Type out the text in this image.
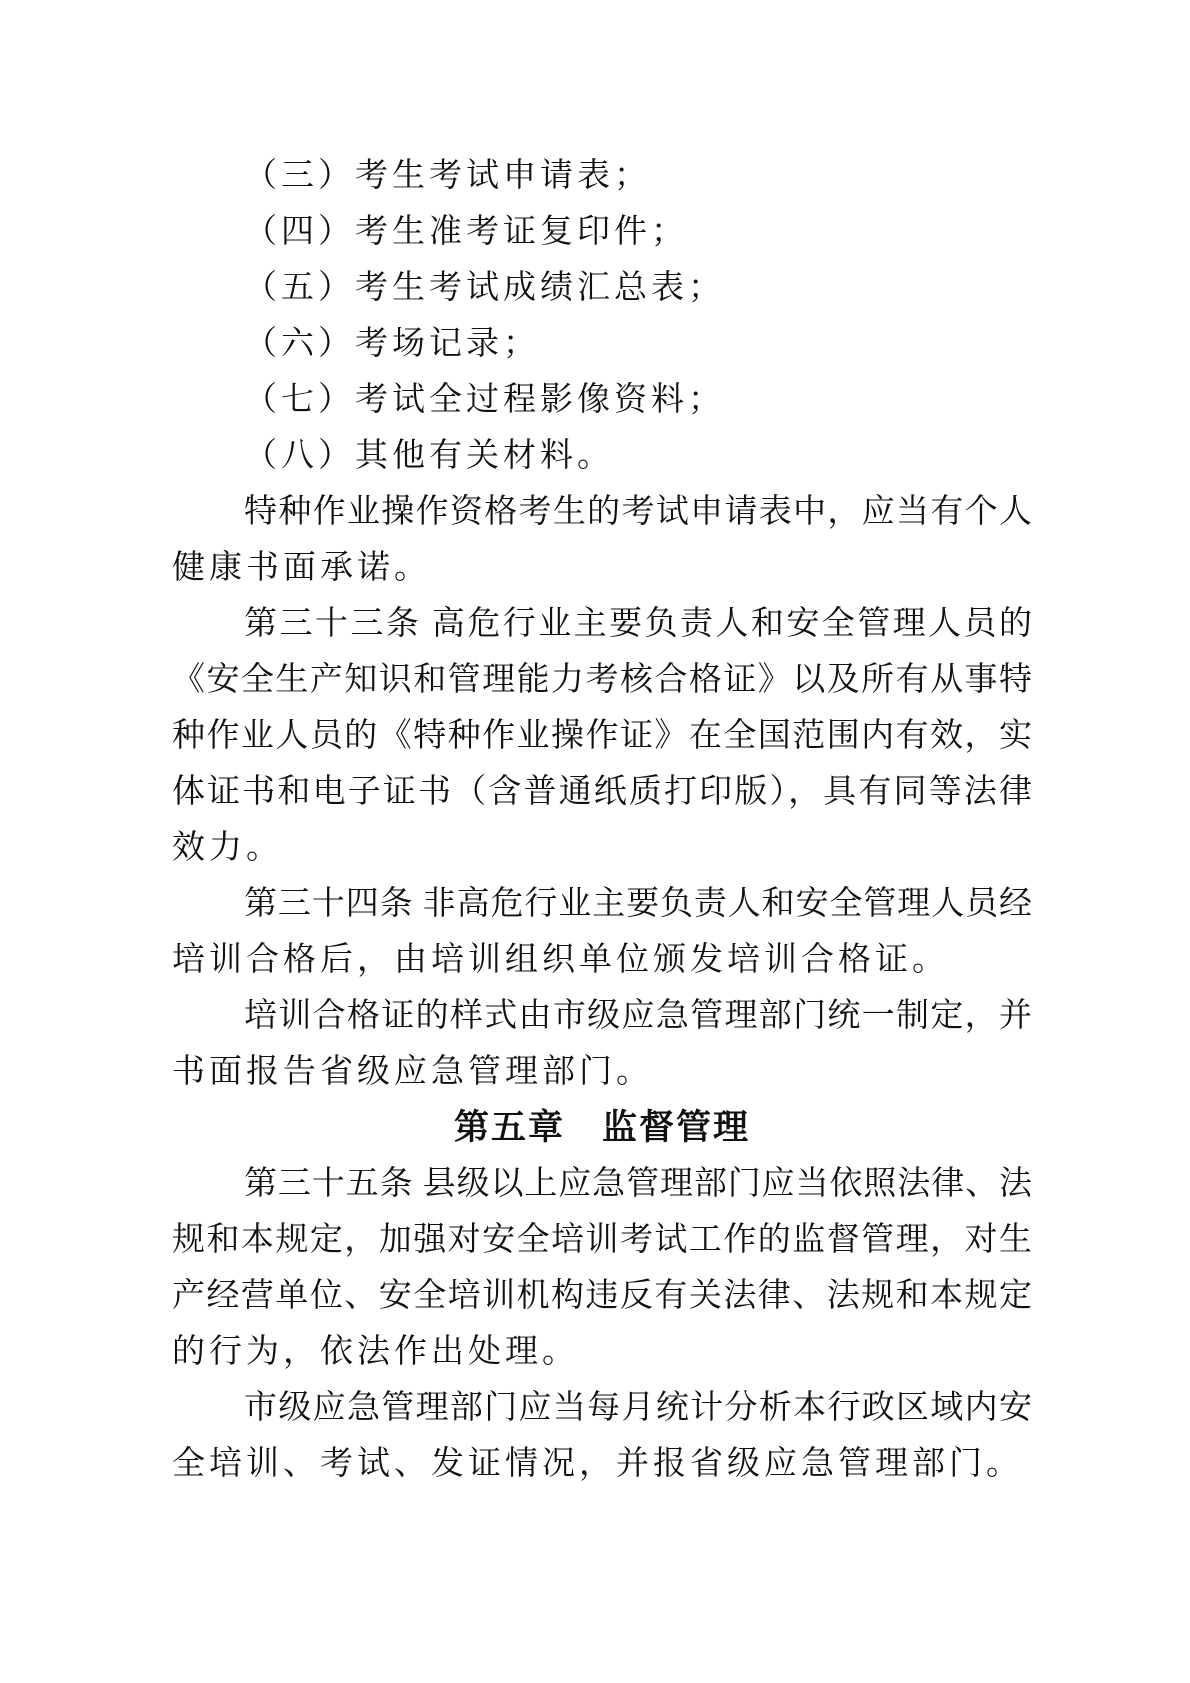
（三）考生考试申请表；
（四）考生准考证复印件；
（五）考生考试成绩汇总表；
（六）考场记录；
（七）考试全过程影像资料；
（八）其他有关材料。
特种作业操作资格考生的考试申请表中，应当有个人
健康书面承诺。
第三十三条 高危行业主要负责人和安全管理人员的
《安全生产知识和管理能力考核合格证》以及所有从事特
种作业人员的《特种作业操作证》在全国范围内有效，实
体证书和电子证书（含普通纸质打印版），具有同等法律
效力。
第三十四条 非高危行业主要负责人和安全管理人员经
培训合格后，由培训组织单位颁发培训合格证。
培训合格证的样式由市级应急管理部门统一制定，并
书面报告省级应急管理部门。
第五章　监督管理
第三十五条 县级以上应急管理部门应当依照法律、法
规和本规定，加强对安全培训考试工作的监督管理，对生
产经营单位、安全培训机构违反有关法律、法规和本规定
的行为，依法作出处理。
市级应急管理部门应当每月统计分析本行政区域内安
全培训、考试、发证情况，并报省级应急管理部门。
